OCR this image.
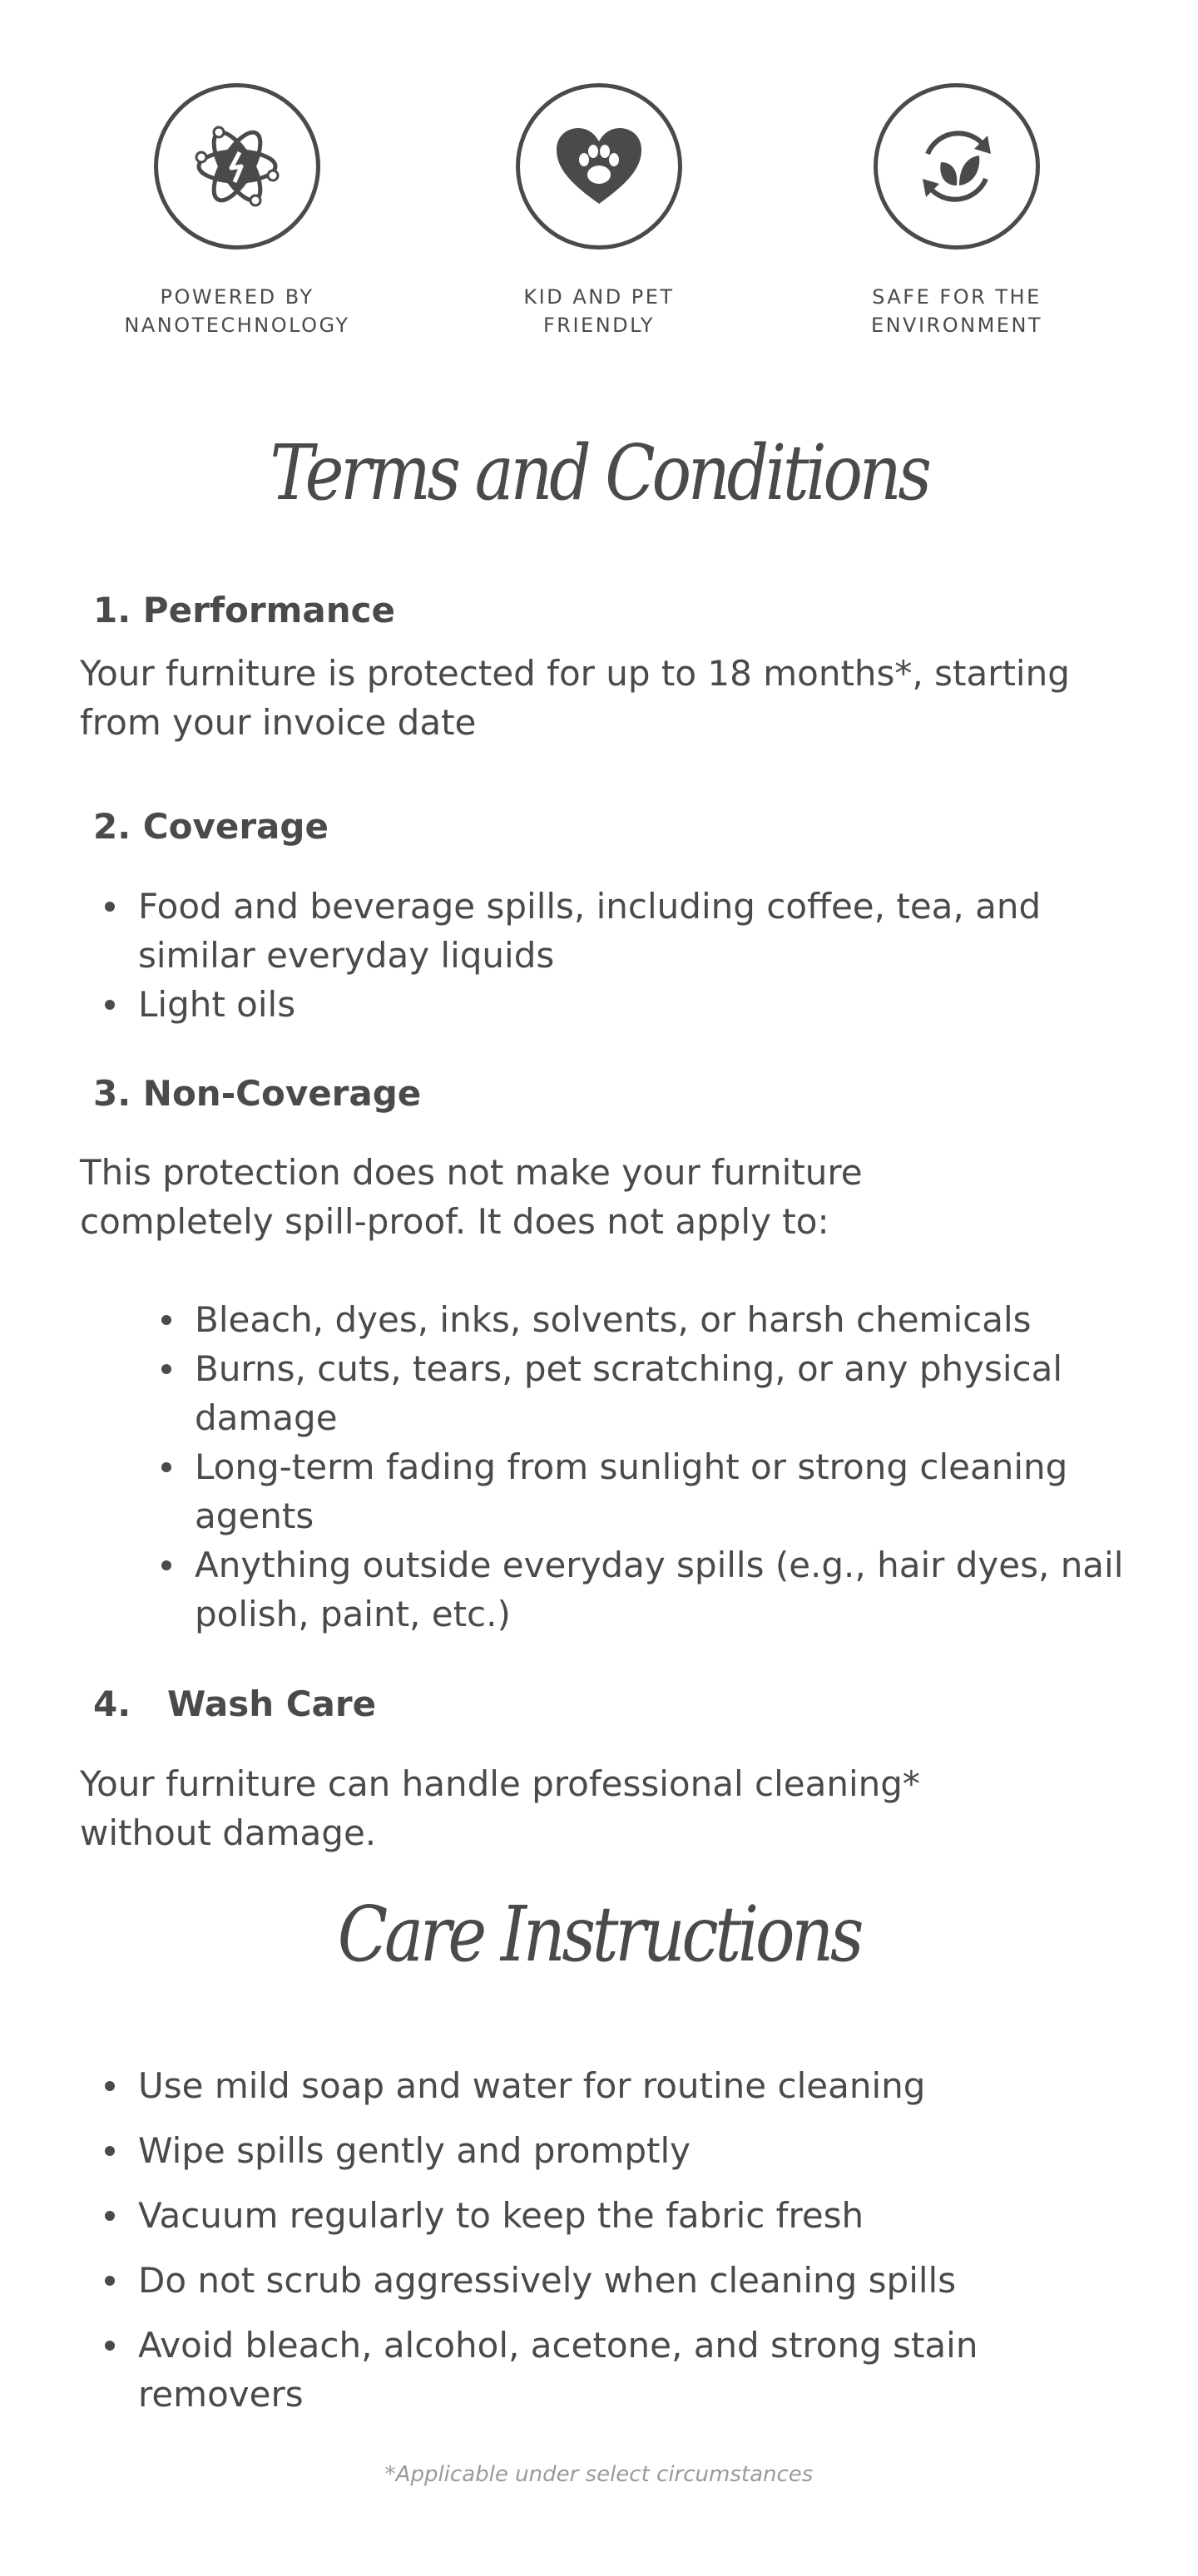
POWERED BY
NANOTECHNOLOGY
KID AND PET
FRIENDLY
SAFE FOR THE
ENVIRONMENT
Terms and Conditions
1. Performance
Your furniture is protected for up to 18 months*, starting from your invoice date
2. Coverage
Food and beverage spills, including coffee, tea, and similar everyday liquids
Light oils
3. Non-Coverage
This protection does not make your furniture completely spill-proof. It does not apply to:
Bleach, dyes, inks, solvents, or harsh chemicals
Burns, cuts, tears, pet scratching, or any physical damage
Long-term fading from sunlight or strong cleaning agents
Anything outside everyday spills (e.g., hair dyes, nail polish, paint, etc.)
4.   Wash Care
Your furniture can handle professional cleaning* without damage.
Care Instructions
Use mild soap and water for routine cleaning
Wipe spills gently and promptly
Vacuum regularly to keep the fabric fresh
Do not scrub aggressively when cleaning spills
Avoid bleach, alcohol, acetone, and strong stain removers
*Applicable under select circumstances
